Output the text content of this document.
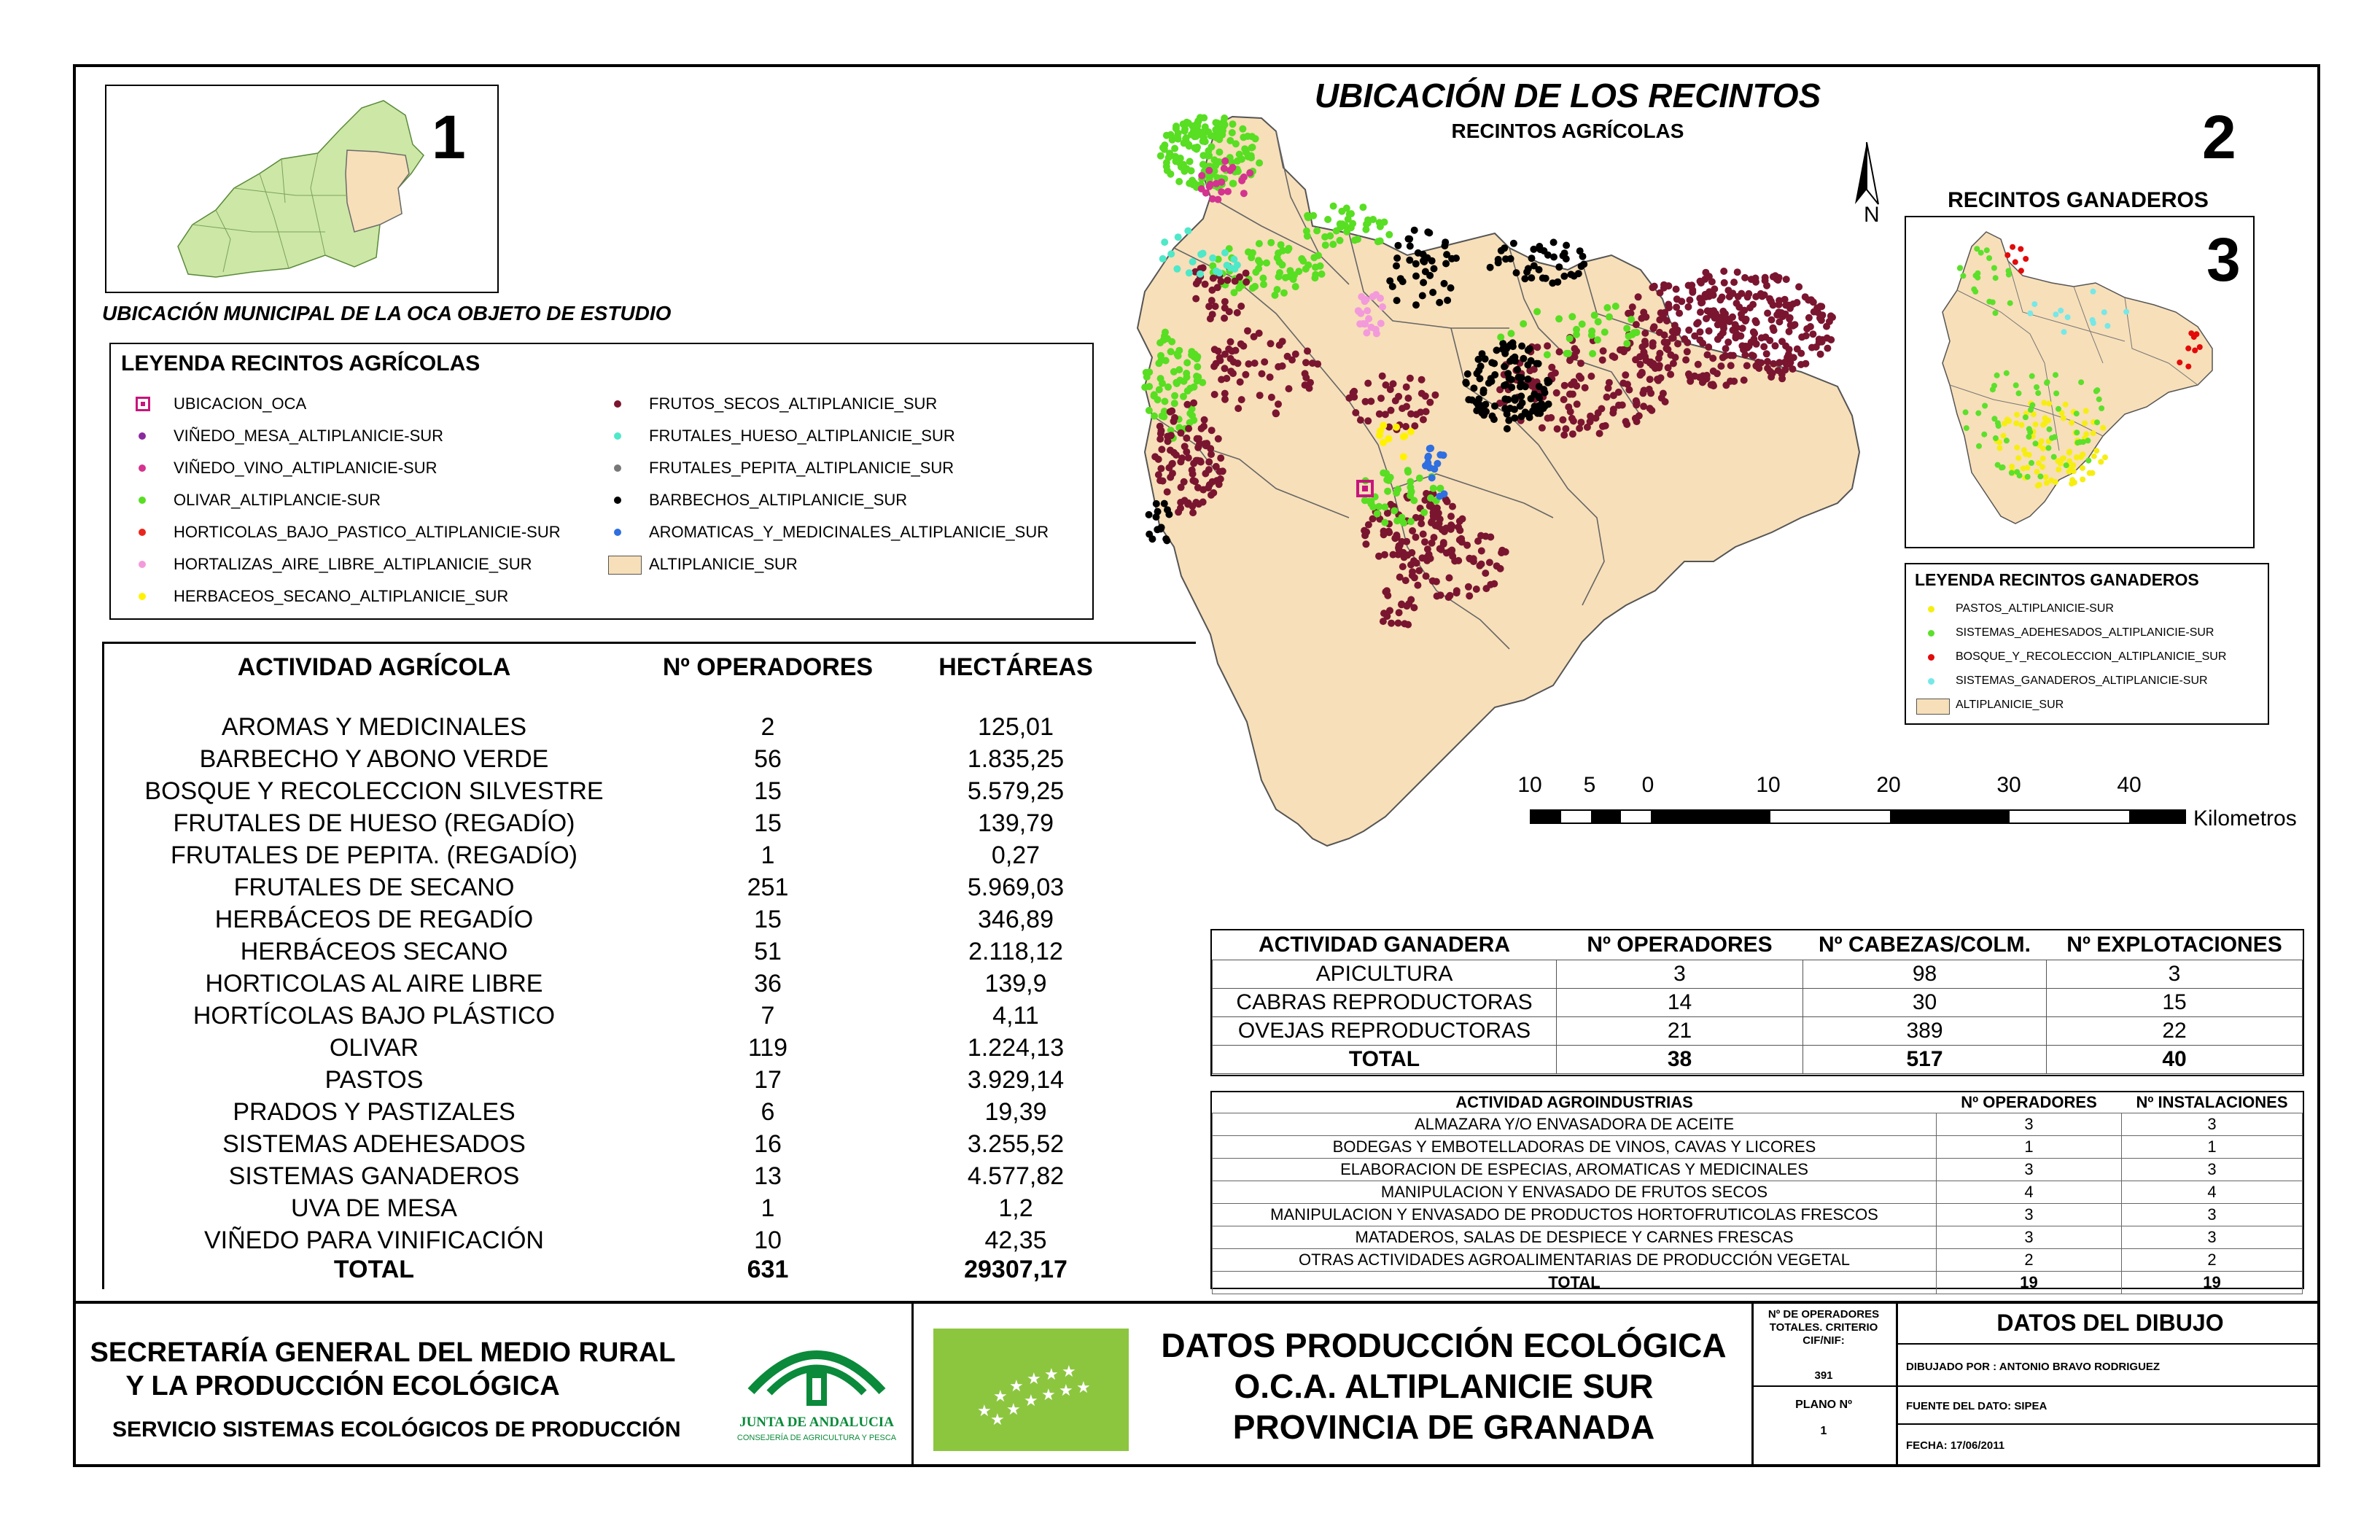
1
UBICACIÓN MUNICIPAL DE LA OCA OBJETO DE ESTUDIO
LEYENDA RECINTOS AGRÍCOLAS
UBICACION_OCA
VIÑEDO_MESA_ALTIPLANICIE-SUR
VIÑEDO_VINO_ALTIPLANICIE-SUR
OLIVAR_ALTIPLANCIE-SUR
HORTICOLAS_BAJO_PASTICO_ALTIPLANICIE-SUR
HORTALIZAS_AIRE_LIBRE_ALTIPLANICIE_SUR
HERBACEOS_SECANO_ALTIPLANICIE_SUR
FRUTOS_SECOS_ALTIPLANICIE_SUR
FRUTALES_HUESO_ALTIPLANICIE_SUR
FRUTALES_PEPITA_ALTIPLANICIE_SUR
BARBECHOS_ALTIPLANICIE_SUR
AROMATICAS_Y_MEDICINALES_ALTIPLANICIE_SUR
ALTIPLANICIE_SUR
UBICACIÓN DE LOS RECINTOS
RECINTOS AGRÍCOLAS	2
N
RECINTOS GANADEROS
3
LEYENDA RECINTOS GANADEROS
PASTOS_ALTIPLANICIE-SUR
SISTEMAS_ADEHESADOS_ALTIPLANICIE-SUR
BOSQUE_Y_RECOLECCION_ALTIPLANICIE_SUR
SISTEMAS_GANADEROS_ALTIPLANICIE-SUR
ALTIPLANICIE_SUR
10	5	0	10	20	30	40
Kilometros
ACTIVIDAD AGRÍCOLA	Nº OPERADORES	HECTÁREAS
AROMAS Y MEDICINALES	2	125,01
BARBECHO Y ABONO VERDE	56	1.835,25
BOSQUE Y RECOLECCION SILVESTRE	15	5.579,25
FRUTALES DE HUESO (REGADÍO)	15	139,79
FRUTALES DE PEPITA. (REGADÍO)	1	0,27
FRUTALES DE SECANO	251	5.969,03
HERBÁCEOS DE REGADÍO	15	346,89
HERBÁCEOS SECANO	51	2.118,12
HORTICOLAS AL AIRE LIBRE	36	139,9
HORTÍCOLAS BAJO PLÁSTICO	7	4,11
OLIVAR	119	1.224,13
PASTOS	17	3.929,14
PRADOS Y PASTIZALES	6	19,39
SISTEMAS ADEHESADOS	16	3.255,52
SISTEMAS GANADEROS	13	4.577,82
UVA DE MESA	1	1,2
VIÑEDO PARA VINIFICACIÓN	10	42,35
TOTAL	631	29307,17
ACTIVIDAD GANADERA	Nº OPERADORES	Nº CABEZAS/COLM.	Nº EXPLOTACIONES
APICULTURA	3	98	3
CABRAS REPRODUCTORAS	14	30	15
OVEJAS REPRODUCTORAS	21	389	22
TOTAL	38	517	40
ACTIVIDAD AGROINDUSTRIAS	Nº OPERADORES	Nº INSTALACIONES
ALMAZARA Y/O ENVASADORA DE ACEITE	3	3
BODEGAS Y EMBOTELLADORAS DE VINOS, CAVAS Y LICORES	1	1
ELABORACION DE ESPECIAS, AROMATICAS Y MEDICINALES	3	3
MANIPULACION Y ENVASADO DE FRUTOS SECOS	4	4
MANIPULACION Y ENVASADO DE PRODUCTOS HORTOFRUTICOLAS FRESCOS	3	3
MATADEROS, SALAS DE DESPIECE Y CARNES FRESCAS	3	3
OTRAS ACTIVIDADES AGROALIMENTARIAS DE PRODUCCIÓN VEGETAL	2	2
TOTAL	19	19
SECRETARÍA GENERAL DEL MEDIO RURAL
Y LA PRODUCCIÓN ECOLÓGICA
SERVICIO SISTEMAS ECOLÓGICOS DE PRODUCCIÓN	JUNTA DE ANDALUCIA
CONSEJERÍA DE AGRICULTURA Y PESCA
★
★
★ ★ ★ ★
★
★ ★ ★ ★ ★
DATOS PRODUCCIÓN ECOLÓGICA
O.C.A. ALTIPLANICIE SUR
PROVINCIA DE GRANADA
Nº DE OPERADORES TOTALES. CRITERIO CIF/NIF:
391
PLANO Nº
1
DATOS DEL DIBUJO
DIBUJADO POR : ANTONIO BRAVO RODRIGUEZ
FUENTE DEL DATO: SIPEA
FECHA: 17/06/2011
